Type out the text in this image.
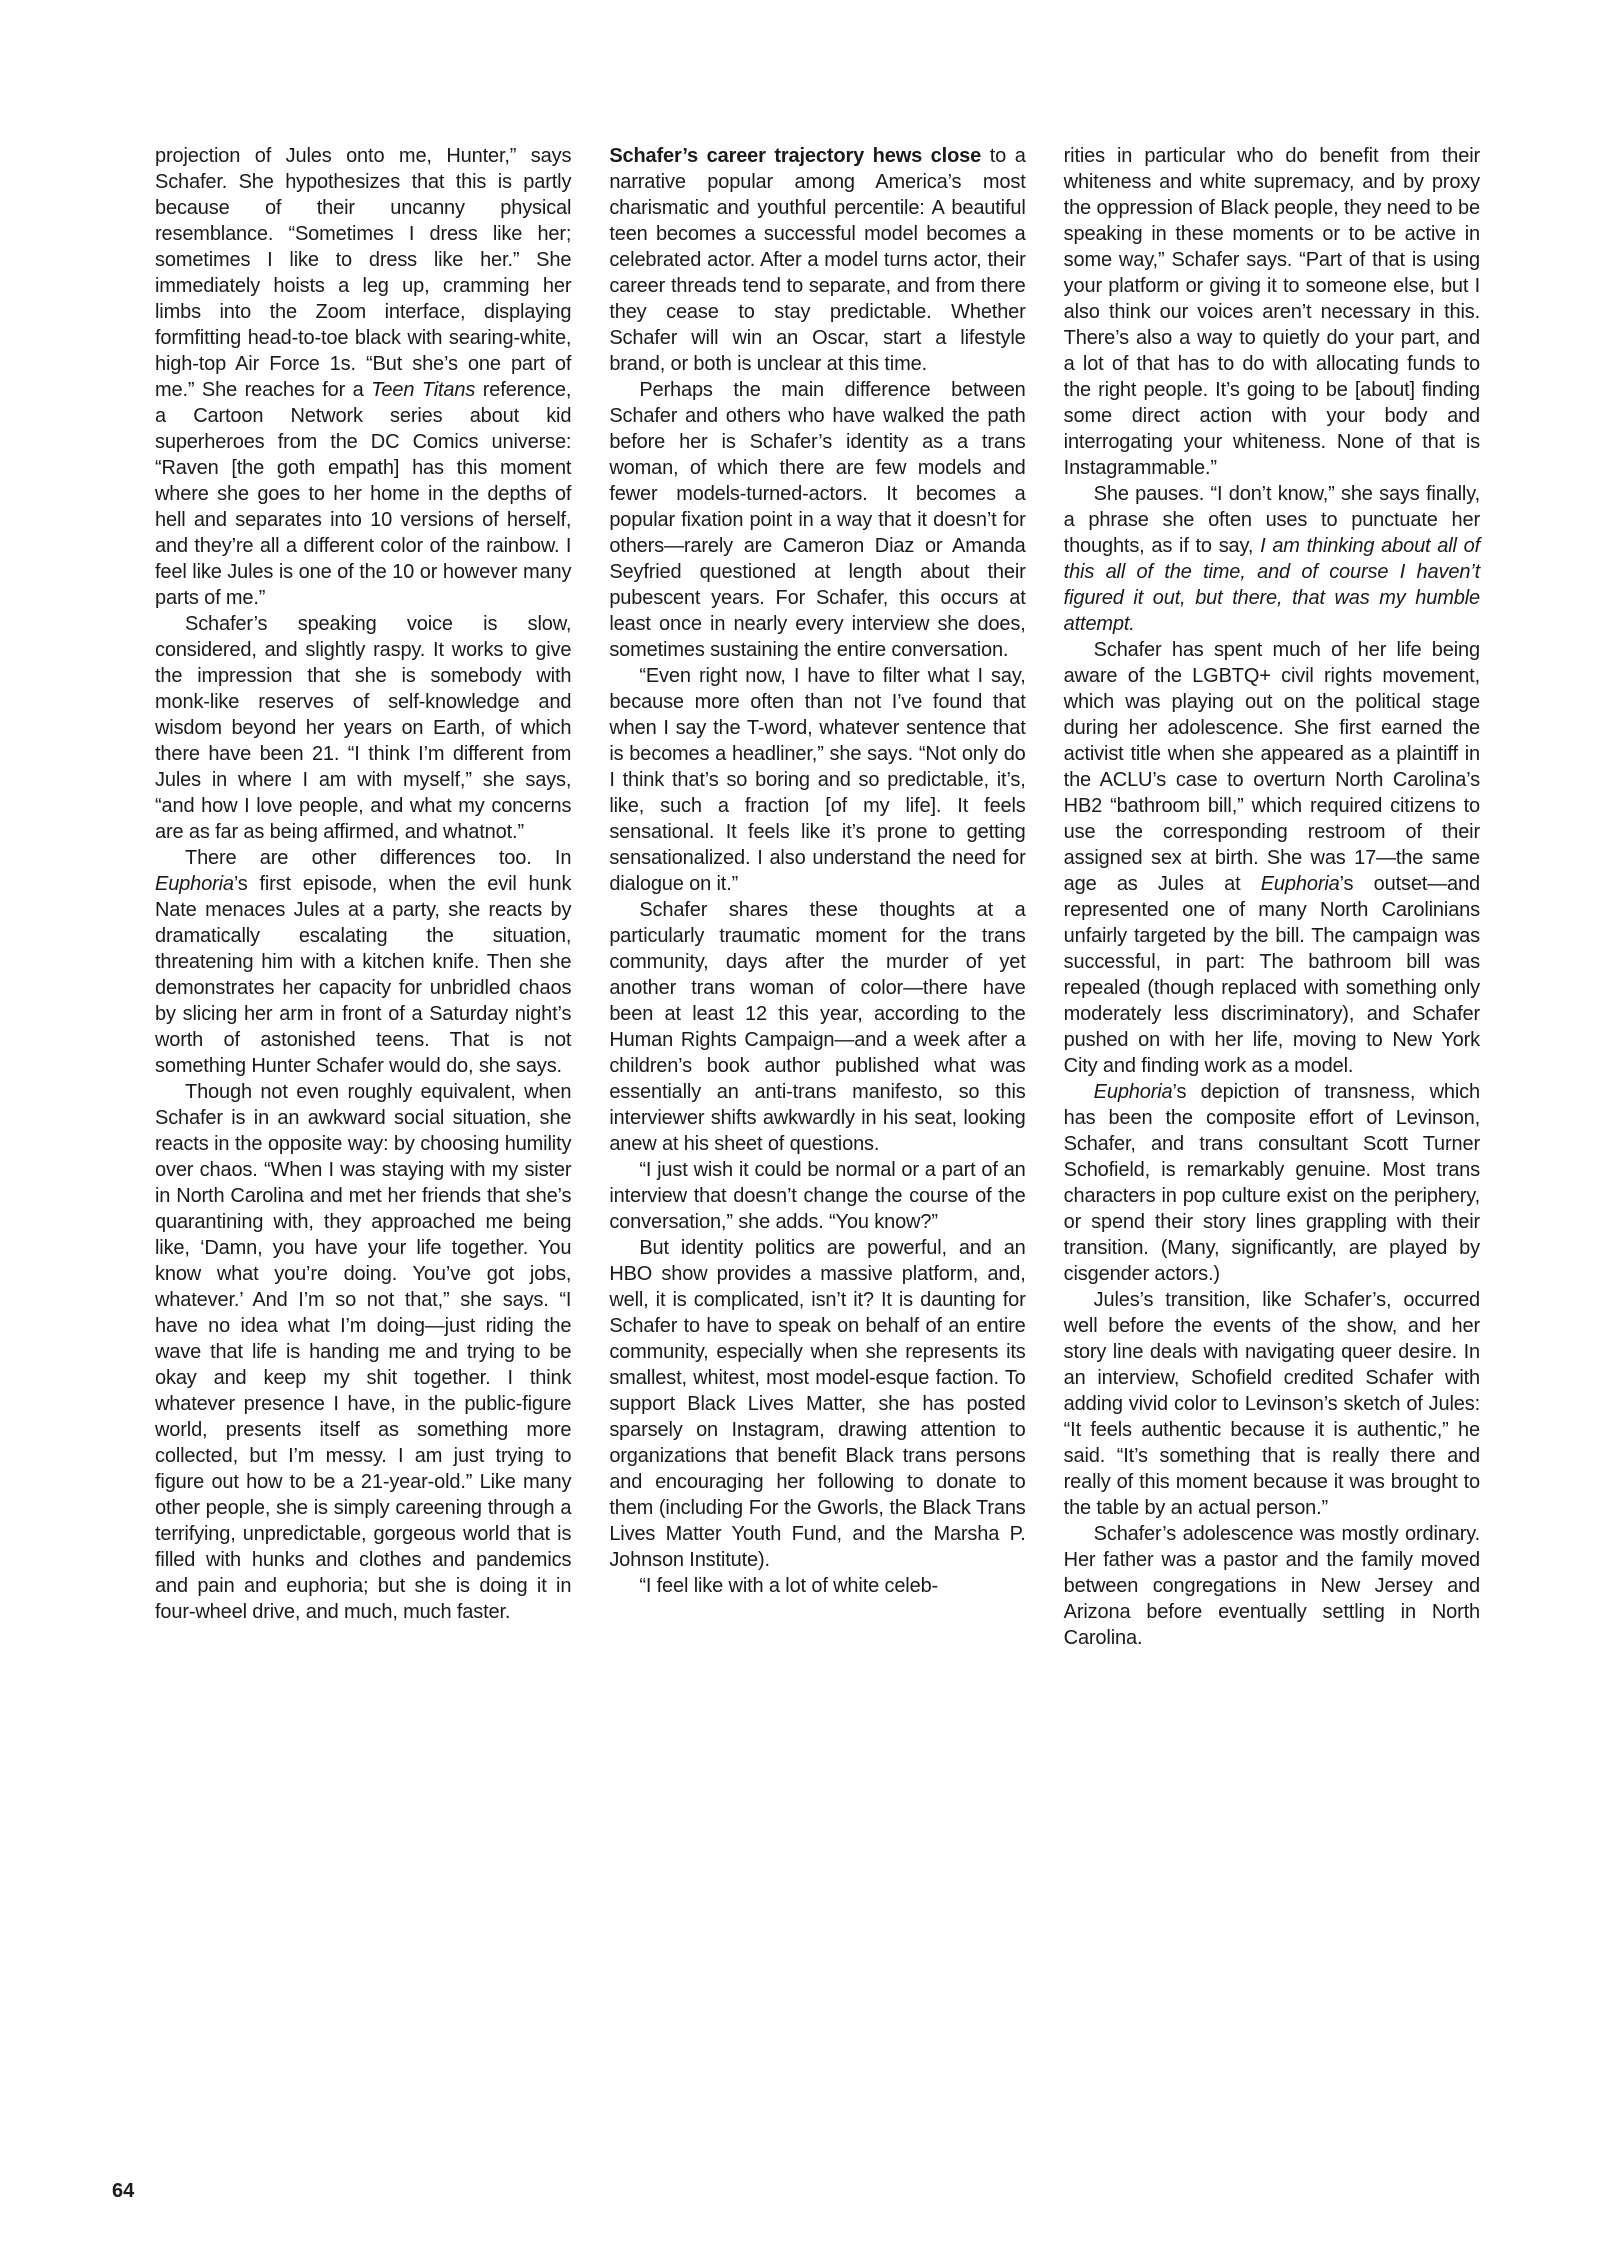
projection of Jules onto me, Hunter,” says Schafer. She hypothesizes that this is partly because of their uncanny physical resemblance. “Sometimes I dress like her; sometimes I like to dress like her.” She immediately hoists a leg up, cramming her limbs into the Zoom interface, displaying formfitting head-to-toe black with searing-white, high-top Air Force 1s. “But she’s one part of me.” She reaches for a Teen Titans reference, a Cartoon Network series about kid superheroes from the DC Comics universe: “Raven [the goth empath] has this moment where she goes to her home in the depths of hell and separates into 10 versions of herself, and they’re all a different color of the rainbow. I feel like Jules is one of the 10 or however many parts of me.”

Schafer’s speaking voice is slow, considered, and slightly raspy. It works to give the impression that she is somebody with monk-like reserves of self-knowledge and wisdom beyond her years on Earth, of which there have been 21. “I think I’m different from Jules in where I am with myself,” she says, “and how I love people, and what my concerns are as far as being affirmed, and whatnot.”

There are other differences too. In Euphoria’s first episode, when the evil hunk Nate menaces Jules at a party, she reacts by dramatically escalating the situation, threatening him with a kitchen knife. Then she demonstrates her capacity for unbridled chaos by slicing her arm in front of a Saturday night’s worth of astonished teens. That is not something Hunter Schafer would do, she says.

Though not even roughly equivalent, when Schafer is in an awkward social situation, she reacts in the opposite way: by choosing humility over chaos. “When I was staying with my sister in North Carolina and met her friends that she’s quarantining with, they approached me being like, ‘Damn, you have your life together. You know what you’re doing. You’ve got jobs, whatever.’ And I’m so not that,” she says. “I have no idea what I’m doing—just riding the wave that life is handing me and trying to be okay and keep my shit together. I think whatever presence I have, in the public-figure world, presents itself as something more collected, but I’m messy. I am just trying to figure out how to be a 21-year-old.” Like many other people, she is simply careening through a terrifying, unpredictable, gorgeous world that is filled with hunks and clothes and pandemics and pain and euphoria; but she is doing it in four-wheel drive, and much, much faster.

Schafer’s career trajectory hews close to a narrative popular among America’s most charismatic and youthful percentile: A beautiful teen becomes a successful model becomes a celebrated actor. After a model turns actor, their career threads tend to separate, and from there they cease to stay predictable. Whether Schafer will win an Oscar, start a lifestyle brand, or both is unclear at this time.

Perhaps the main difference between Schafer and others who have walked the path before her is Schafer’s identity as a trans woman, of which there are few models and fewer models-turned-actors. It becomes a popular fixation point in a way that it doesn’t for others—rarely are Cameron Diaz or Amanda Seyfried questioned at length about their pubescent years. For Schafer, this occurs at least once in nearly every interview she does, sometimes sustaining the entire conversation.

“Even right now, I have to filter what I say, because more often than not I’ve found that when I say the T-word, whatever sentence that is becomes a headliner,” she says. “Not only do I think that’s so boring and so predictable, it’s, like, such a fraction [of my life]. It feels sensational. It feels like it’s prone to getting sensationalized. I also understand the need for dialogue on it.”

Schafer shares these thoughts at a particularly traumatic moment for the trans community, days after the murder of yet another trans woman of color—there have been at least 12 this year, according to the Human Rights Campaign—and a week after a children’s book author published what was essentially an anti-trans manifesto, so this interviewer shifts awkwardly in his seat, looking anew at his sheet of questions.

“I just wish it could be normal or a part of an interview that doesn’t change the course of the conversation,” she adds. “You know?”

But identity politics are powerful, and an HBO show provides a massive platform, and, well, it is complicated, isn’t it? It is daunting for Schafer to have to speak on behalf of an entire community, especially when she represents its smallest, whitest, most model-esque faction. To support Black Lives Matter, she has posted sparsely on Instagram, drawing attention to organizations that benefit Black trans persons and encouraging her following to donate to them (including For the Gworls, the Black Trans Lives Matter Youth Fund, and the Marsha P. Johnson Institute).

“I feel like with a lot of white celeb-

rities in particular who do benefit from their whiteness and white supremacy, and by proxy the oppression of Black people, they need to be speaking in these moments or to be active in some way,” Schafer says. “Part of that is using your platform or giving it to someone else, but I also think our voices aren’t necessary in this. There’s also a way to quietly do your part, and a lot of that has to do with allocating funds to the right people. It’s going to be [about] finding some direct action with your body and interrogating your whiteness. None of that is Instagrammable.”

She pauses. “I don’t know,” she says finally, a phrase she often uses to punctuate her thoughts, as if to say, I am thinking about all of this all of the time, and of course I haven’t figured it out, but there, that was my humble attempt.

Schafer has spent much of her life being aware of the LGBTQ+ civil rights movement, which was playing out on the political stage during her adolescence. She first earned the activist title when she appeared as a plaintiff in the ACLU’s case to overturn North Carolina’s HB2 “bathroom bill,” which required citizens to use the corresponding restroom of their assigned sex at birth. She was 17—the same age as Jules at Euphoria’s outset—and represented one of many North Carolinians unfairly targeted by the bill. The campaign was successful, in part: The bathroom bill was repealed (though replaced with something only moderately less discriminatory), and Schafer pushed on with her life, moving to New York City and finding work as a model.

Euphoria’s depiction of transness, which has been the composite effort of Levinson, Schafer, and trans consultant Scott Turner Schofield, is remarkably genuine. Most trans characters in pop culture exist on the periphery, or spend their story lines grappling with their transition. (Many, significantly, are played by cisgender actors.)

Jules’s transition, like Schafer’s, occurred well before the events of the show, and her story line deals with navigating queer desire. In an interview, Schofield credited Schafer with adding vivid color to Levinson’s sketch of Jules: “It feels authentic because it is authentic,” he said. “It’s something that is really there and really of this moment because it was brought to the table by an actual person.”

Schafer’s adolescence was mostly ordinary. Her father was a pastor and the family moved between congregations in New Jersey and Arizona before eventually settling in North Carolina.

64
